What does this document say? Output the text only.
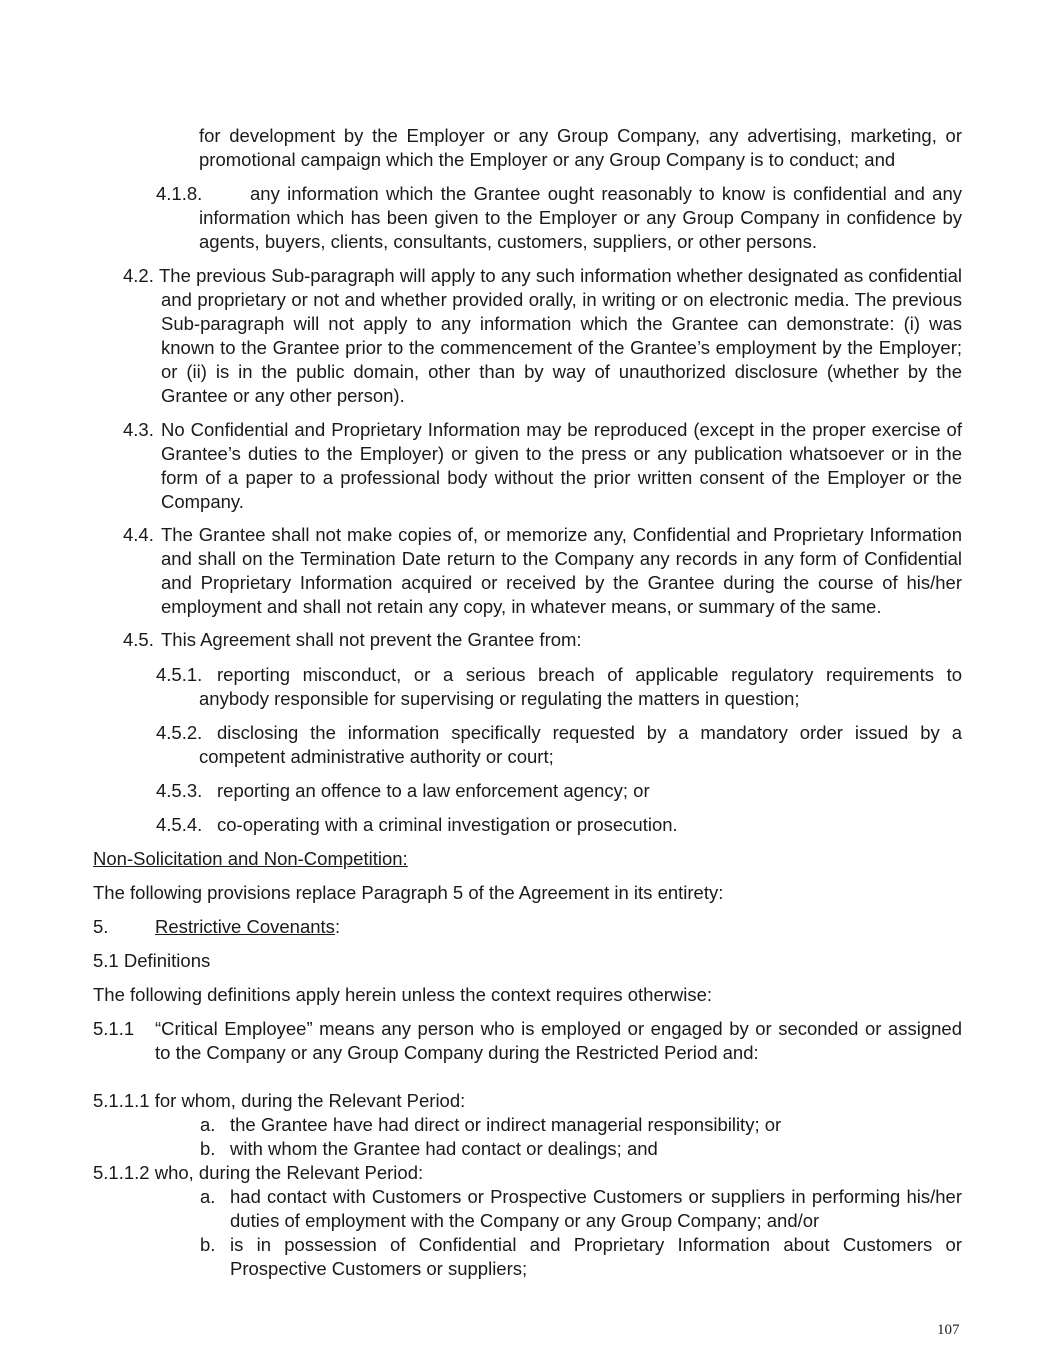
for development by the Employer or any Group Company, any advertising, marketing, or promotional campaign which the Employer or any Group Company is to conduct; and

4.1.8.	any information which the Grantee ought reasonably to know is confidential and any

information which has been given to the Employer or any Group Company in confidence by agents, buyers, clients, consultants, customers, suppliers, or other persons.

4.2. The previous Sub-paragraph will apply to any such information whether designated as confidential and proprietary or not and whether provided orally, in writing or on electronic media. The previous Sub-paragraph will not apply to any information which the Grantee can demonstrate: (i) was known to the Grantee prior to the commencement of the Grantee’s employment by the Employer; or (ii) is in the public domain, other than by way of unauthorized disclosure (whether by the Grantee or any other person).

4.3. No Confidential and Proprietary Information may be reproduced (except in the proper exercise of Grantee’s duties to the Employer) or given to the press or any publication whatsoever or in the form of a paper to a professional body without the prior written consent of the Employer or the Company.

4.4. The Grantee shall not make copies of, or memorize any, Confidential and Proprietary Information and shall on the Termination Date return to the Company any records in any form of Confidential and Proprietary Information acquired or received by the Grantee during the course of his/her employment and shall not retain any copy, in whatever means, or summary of the same.

4.5. This Agreement shall not prevent the Grantee from:
4.5.1. reporting misconduct, or a serious breach of applicable regulatory requirements to anybody responsible for supervising or regulating the matters in question;

4.5.2. disclosing the information specifically requested by a mandatory order issued by a competent administrative authority or court;

4.5.3. reporting an offence to a law enforcement agency; or
4.5.4. co-operating with a criminal investigation or prosecution.
Non-Solicitation and Non-Competition:
The following provisions replace Paragraph 5 of the Agreement in its entirety:
5.	Restrictive Covenants:
5.1 Definitions
The following definitions apply herein unless the context requires otherwise:
5.1.1 “Critical Employee” means any person who is employed or engaged by or seconded or assigned to the Company or any Group Company during the Restricted Period and:

5.1.1.1 for whom, during the Relevant Period:
a. the Grantee have had direct or indirect managerial responsibility; or
b. with whom the Grantee had contact or dealings; and
5.1.1.2 who, during the Relevant Period:
a. had contact with Customers or Prospective Customers or suppliers in performing his/her duties of employment with the Company or any Group Company; and/or

b. is in possession of Confidential and Proprietary Information about Customers or Prospective Customers or suppliers;

107
